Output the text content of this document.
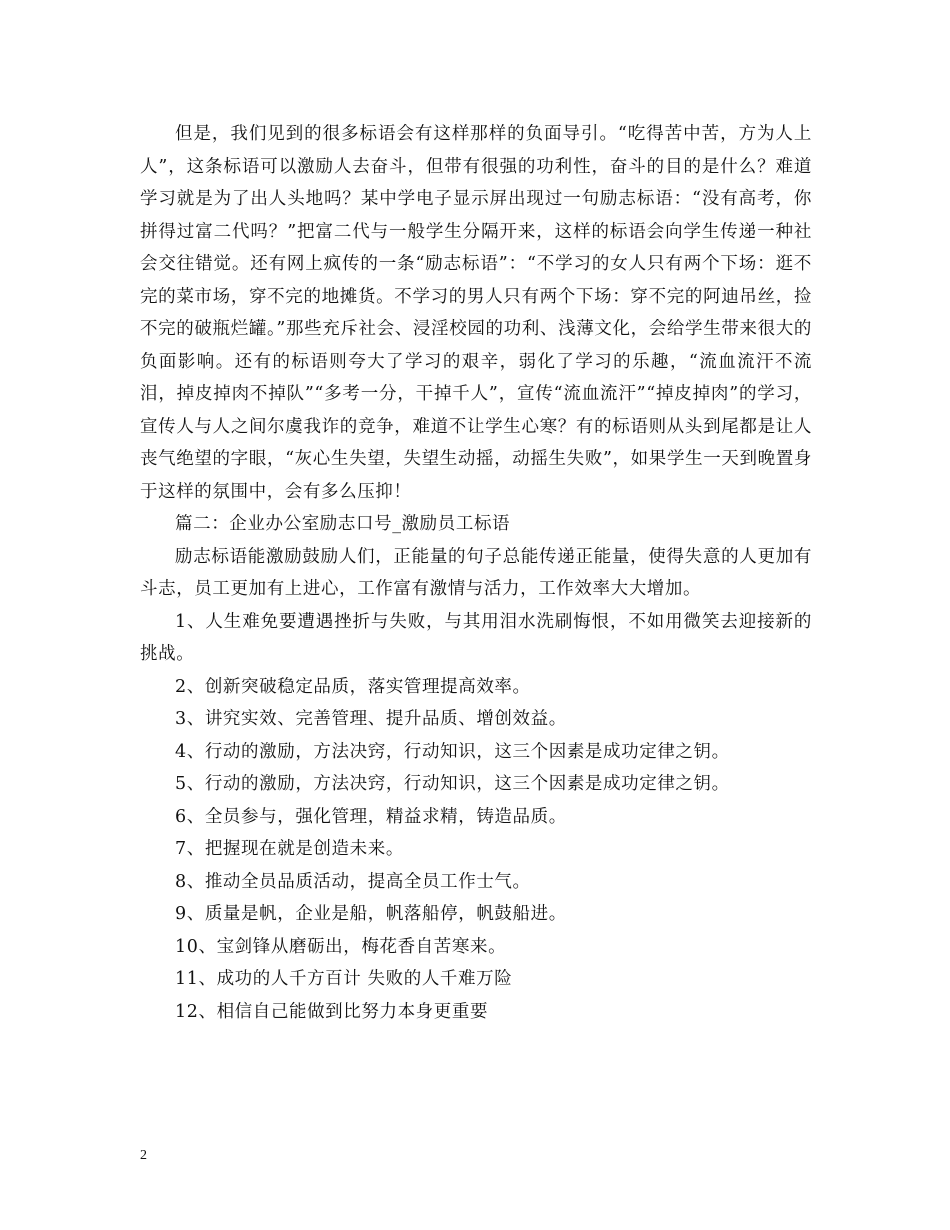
但是，我们见到的很多标语会有这样那样的负面导引。“吃得苦中苦，方为人上人”，这条标语可以激励人去奋斗，但带有很强的功利性，奋斗的目的是什么？难道学习就是为了出人头地吗？某中学电子显示屏出现过一句励志标语：“没有高考，你拼得过富二代吗？”把富二代与一般学生分隔开来，这样的标语会向学生传递一种社会交往错觉。还有网上疯传的一条“励志标语”：“不学习的女人只有两个下场：逛不完的菜市场，穿不完的地摊货。不学习的男人只有两个下场：穿不完的阿迪吊丝，捡不完的破瓶烂罐。”那些充斥社会、浸淫校园的功利、浅薄文化，会给学生带来很大的负面影响。还有的标语则夸大了学习的艰辛，弱化了学习的乐趣，“流血流汗不流泪，掉皮掉肉不掉队”“多考一分，干掉千人”，宣传“流血流汗”“掉皮掉肉”的学习，宣传人与人之间尔虞我诈的竞争，难道不让学生心寒？有的标语则从头到尾都是让人丧气绝望的字眼，“灰心生失望，失望生动摇，动摇生失败”，如果学生一天到晚置身于这样的氛围中，会有多么压抑！

篇二：企业办公室励志口号_激励员工标语

励志标语能激励鼓励人们，正能量的句子总能传递正能量，使得失意的人更加有斗志，员工更加有上进心，工作富有激情与活力，工作效率大大增加。

1、人生难免要遭遇挫折与失败，与其用泪水洗刷悔恨，不如用微笑去迎接新的挑战。

2、创新突破稳定品质，落实管理提高效率。

3、讲究实效、完善管理、提升品质、增创效益。

4、行动的激励，方法决窍，行动知识，这三个因素是成功定律之钥。

5、行动的激励，方法决窍，行动知识，这三个因素是成功定律之钥。

6、全员参与，强化管理，精益求精，铸造品质。

7、把握现在就是创造未来。

8、推动全员品质活动，提高全员工作士气。

9、质量是帆，企业是船，帆落船停，帆鼓船进。

10、宝剑锋从磨砺出，梅花香自苦寒来。

11、成功的人千方百计 失败的人千难万险

12、相信自己能做到比努力本身更重要

2
